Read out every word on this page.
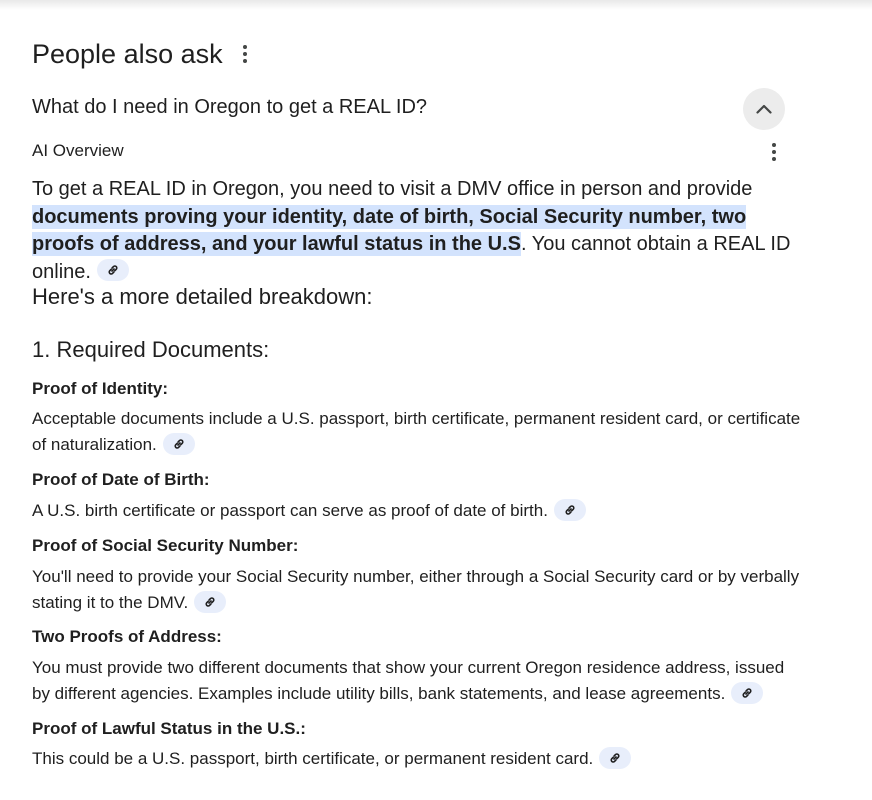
People also ask
What do I need in Oregon to get a REAL ID?
AI Overview
To get a REAL ID in Oregon, you need to visit a DMV office in person and provide documents proving your identity, date of birth, Social Security number, two proofs of address, and your lawful status in the U.S. You cannot obtain a REAL ID online.
Here's a more detailed breakdown:
1. Required Documents:
Proof of Identity:
Acceptable documents include a U.S. passport, birth certificate, permanent resident card, or certificate of naturalization.
Proof of Date of Birth:
A U.S. birth certificate or passport can serve as proof of date of birth.
Proof of Social Security Number:
You'll need to provide your Social Security number, either through a Social Security card or by verbally stating it to the DMV.
Two Proofs of Address:
You must provide two different documents that show your current Oregon residence address, issued by different agencies. Examples include utility bills, bank statements, and lease agreements.
Proof of Lawful Status in the U.S.:
This could be a U.S. passport, birth certificate, or permanent resident card.
